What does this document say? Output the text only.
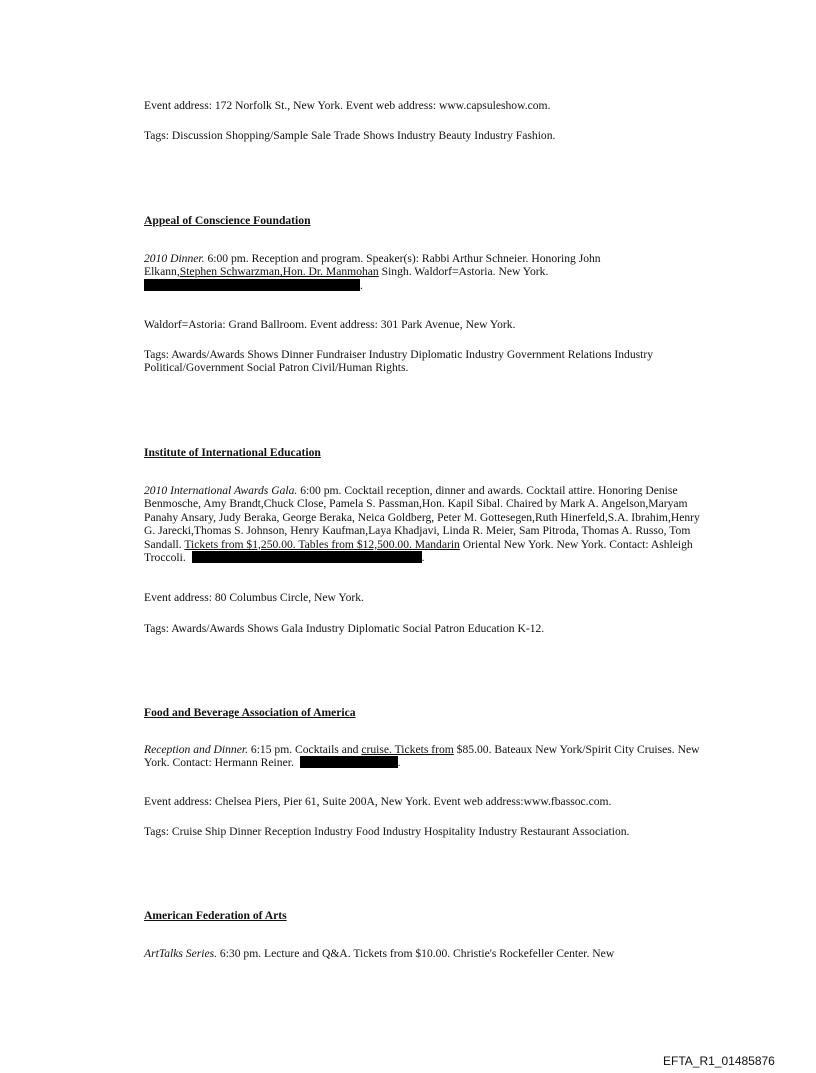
Event address: 172 Norfolk St., New York. Event web address: www.capsuleshow.com.

Tags: Discussion Shopping/Sample Sale Trade Shows Industry Beauty Industry Fashion.

Appeal of Conscience Foundation

2010 Dinner. 6:00 pm. Reception and program. Speaker(s): Rabbi Arthur Schneier. Honoring John Elkann,Stephen Schwarzman,Hon. Dr. Manmohan Singh. Waldorf=Astoria. New York.  .

Waldorf=Astoria: Grand Ballroom. Event address: 301 Park Avenue, New York.

Tags: Awards/Awards Shows Dinner Fundraiser Industry Diplomatic Industry Government Relations Industry Political/Government Social Patron Civil/Human Rights.

Institute of International Education

2010 International Awards Gala. 6:00 pm. Cocktail reception, dinner and awards. Cocktail attire. Honoring Denise Benmosche, Amy Brandt,Chuck Close, Pamela S. Passman,Hon. Kapil Sibal. Chaired by Mark A. Angelson,Maryam Panahy Ansary, Judy Beraka, George Beraka, Neica Goldberg, Peter M. Gottesegen,Ruth Hinerfeld,S.A. Ibrahim,Henry G. Jarecki,Thomas S. Johnson, Henry Kaufman,Laya Khadjavi, Linda R. Meier, Sam Pitroda, Thomas A. Russo, Tom Sandall. Tickets from $1,250.00. Tables from $12,500.00. Mandarin Oriental New York. New York. Contact: Ashleigh Troccoli.	.

Event address: 80 Columbus Circle, New York.

Tags: Awards/Awards Shows Gala Industry Diplomatic Social Patron Education K-12.

Food and Beverage Association of America

Reception and Dinner. 6:15 pm. Cocktails and cruise. Tickets from $85.00. Bateaux New York/Spirit City Cruises. New York. Contact: Hermann Reiner.	.

Event address: Chelsea Piers, Pier 61, Suite 200A, New York. Event web address:www.fbassoc.com.

Tags: Cruise Ship Dinner Reception Industry Food Industry Hospitality Industry Restaurant Association.

American Federation of Arts

ArtTalks Series. 6:30 pm. Lecture and Q&A. Tickets from $10.00. Christie's Rockefeller Center. New

EFTA_R1_01485876
